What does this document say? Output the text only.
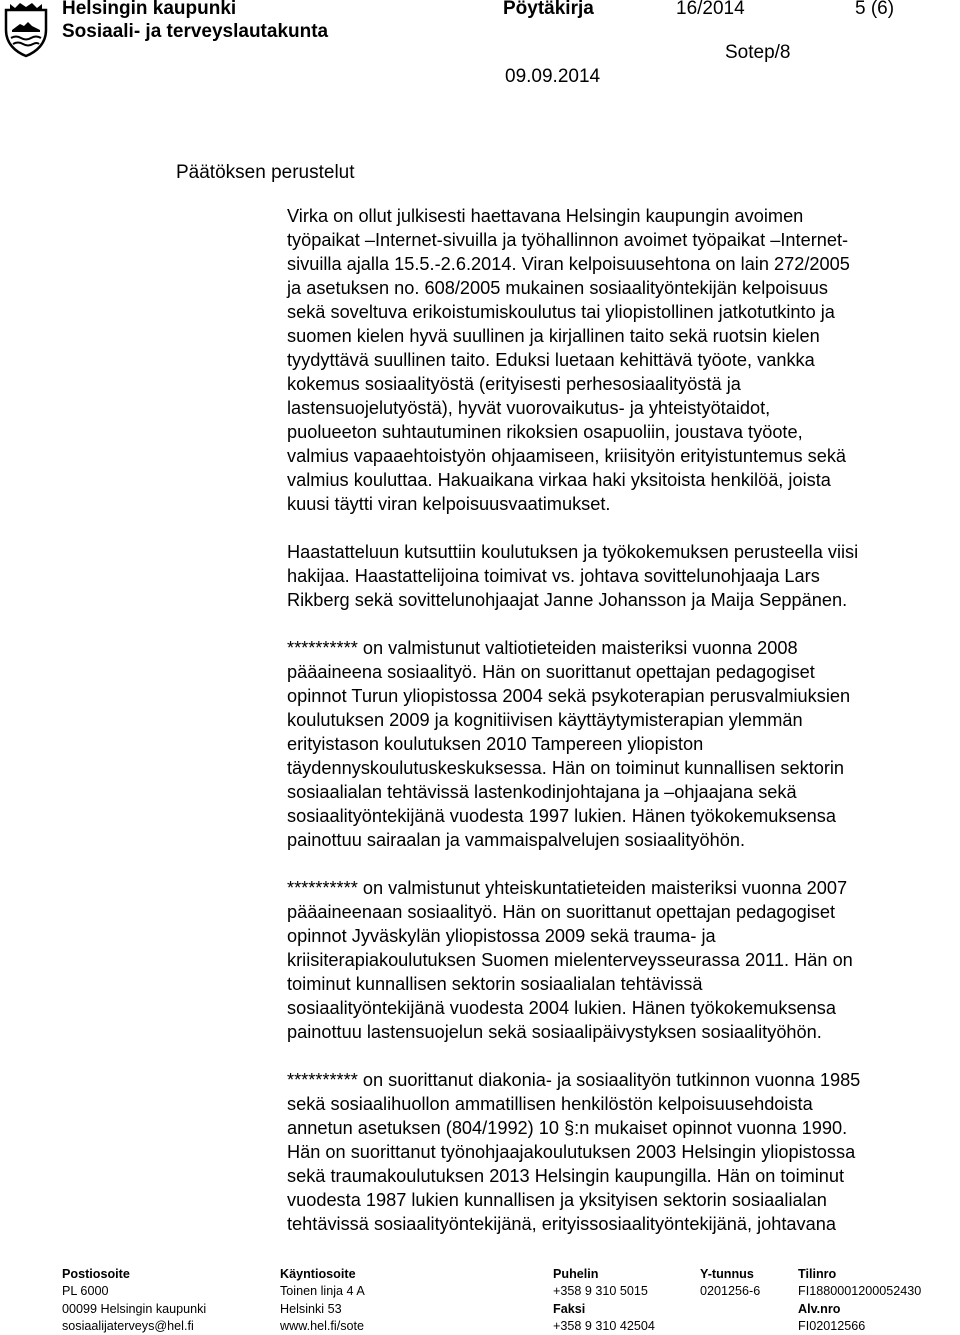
Helsingin kaupunki
Sosiaali- ja terveyslautakunta
Pöytäkirja	16/2014	5 (6)
Sotep/8
09.09.2014
Päätöksen perustelut

Virka on ollut julkisesti haettavana Helsingin kaupungin avoimen
työpaikat –Internet-sivuilla ja työhallinnon avoimet työpaikat –Internet-
sivuilla ajalla 15.5.-2.6.2014. Viran kelpoisuusehtona on lain 272/2005
ja asetuksen no. 608/2005 mukainen sosiaalityöntekijän kelpoisuus
sekä soveltuva erikoistumiskoulutus tai yliopistollinen jatkotutkinto ja
suomen kielen hyvä suullinen ja kirjallinen taito sekä ruotsin kielen
tyydyttävä suullinen taito. Eduksi luetaan kehittävä työote, vankka
kokemus sosiaalityöstä (erityisesti perhesosiaalityöstä ja
lastensuojelutyöstä), hyvät vuorovaikutus- ja yhteistyötaidot,
puolueeton suhtautuminen rikoksien osapuoliin, joustava työote,
valmius vapaaehtoistyön ohjaamiseen, kriisityön erityistuntemus sekä
valmius kouluttaa. Hakuaikana virkaa haki yksitoista henkilöä, joista
kuusi täytti viran kelpoisuusvaatimukset.

Haastatteluun kutsuttiin koulutuksen ja työkokemuksen perusteella viisi
hakijaa. Haastattelijoina toimivat vs. johtava sovittelunohjaaja Lars
Rikberg sekä sovittelunohjaajat Janne Johansson ja Maija Seppänen.

********** on valmistunut valtiotieteiden maisteriksi vuonna 2008
pääaineena sosiaalityö. Hän on suorittanut opettajan pedagogiset
opinnot Turun yliopistossa 2004 sekä psykoterapian perusvalmiuksien
koulutuksen 2009 ja kognitiivisen käyttäytymisterapian ylemmän
erityistason koulutuksen 2010 Tampereen yliopiston
täydennyskoulutuskeskuksessa. Hän on toiminut kunnallisen sektorin
sosiaalialan tehtävissä lastenkodinjohtajana ja –ohjaajana sekä
sosiaalityöntekijänä vuodesta 1997 lukien. Hänen työkokemuksensa
painottuu sairaalan ja vammaispalvelujen sosiaalityöhön.

********** on valmistunut yhteiskuntatieteiden maisteriksi vuonna 2007
pääaineenaan sosiaalityö. Hän on suorittanut opettajan pedagogiset
opinnot Jyväskylän yliopistossa 2009 sekä trauma- ja
kriisiterapiakoulutuksen Suomen mielenterveysseurassa 2011. Hän on
toiminut kunnallisen sektorin sosiaalialan tehtävissä
sosiaalityöntekijänä vuodesta 2004 lukien. Hänen työkokemuksensa
painottuu lastensuojelun sekä sosiaalipäivystyksen sosiaalityöhön.

********** on suorittanut diakonia- ja sosiaalityön tutkinnon vuonna 1985
sekä sosiaalihuollon ammatillisen henkilöstön kelpoisuusehdoista
annetun asetuksen (804/1992) 10 §:n mukaiset opinnot vuonna 1990.
Hän on suorittanut työnohjaajakoulutuksen 2003 Helsingin yliopistossa
sekä traumakoulutuksen 2013 Helsingin kaupungilla. Hän on toiminut
vuodesta 1987 lukien kunnallisen ja yksityisen sektorin sosiaalialan
tehtävissä sosiaalityöntekijänä, erityissosiaalityöntekijänä, johtavana

Postiosoite
PL 6000
00099 Helsingin kaupunki
sosiaalijaterveys@hel.fi
Käyntiosoite
Toinen linja 4 A
Helsinki 53
www.hel.fi/sote
Puhelin
+358 9 310 5015
Faksi
+358 9 310 42504
Y-tunnus
0201256-6
Tilinro
FI1880001200052430
Alv.nro
FI02012566
